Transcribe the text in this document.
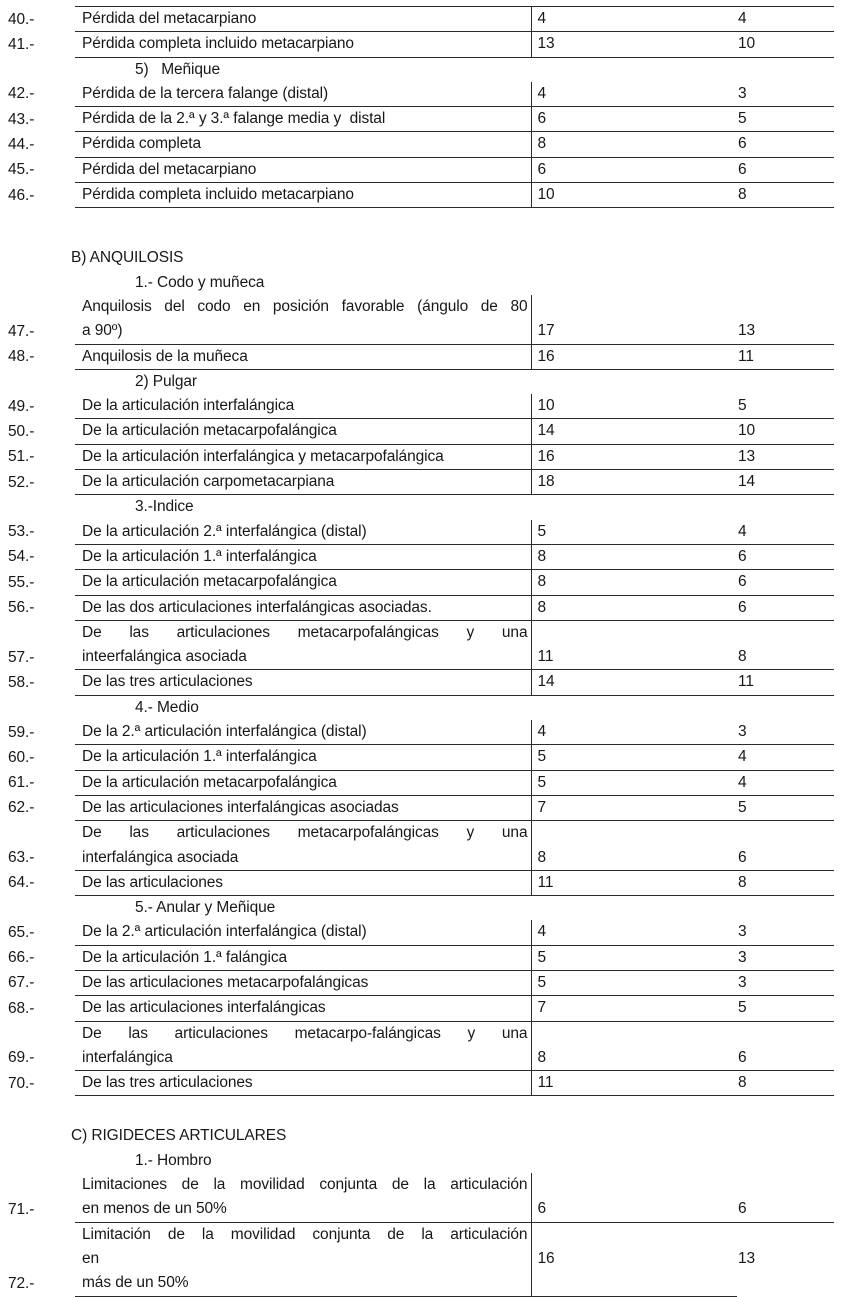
40.-	Pérdida del metacarpiano	4	4
41.-	Pérdida completa incluido metacarpiano	13	10
5)   Meñique			
42.-	Pérdida de la tercera falange (distal)	4	3
43.-	Pérdida de la 2.ª y 3.ª falange media y  distal	6	5
44.-	Pérdida completa	8	6
45.-	Pérdida del metacarpiano	6	6
46.-	Pérdida completa incluido metacarpiano	10	8

B) ANQUILOSIS			
1.- Codo y muñeca			
47.-	
Anquilosis del codo en posición favorable (ángulo de 80
a 90º)	17	13
48.-	Anquilosis de la muñeca	16	11
2) Pulgar			
49.-	De la articulación interfalángica	10	5
50.-	De la articulación metacarpofalángica	14	10
51.-	De la articulación interfalángica y metacarpofalángica	16	13
52.-	De la articulación carpometacarpiana	18	14
3.-Indice			
53.-	De la articulación 2.ª interfalángica (distal)	5	4
54.-	De la articulación 1.ª interfalángica	8	6
55.-	De la articulación metacarpofalángica	8	6
56.-	De las dos articulaciones interfalángicas asociadas.	8	6
57.-	
De las articulaciones metacarpofalángicas y una
inteerfalángica asociada	11	8
58.-	De las tres articulaciones	14	11
4.- Medio			
59.-	De la 2.ª articulación interfalángica (distal)	4	3
60.-	De la articulación 1.ª interfalángica	5	4
61.-	De la articulación metacarpofalángica	5	4
62.-	De las articulaciones interfalángicas asociadas	7	5
63.-	
De las articulaciones metacarpofalángicas y una
interfalángica asociada	8	6
64.-	De las articulaciones	11	8
5.- Anular y Meñique			
65.-	De la 2.ª articulación interfalángica (distal)	4	3
66.-	De la articulación 1.ª falángica	5	3
67.-	De las articulaciones metacarpofalángicas	5	3
68.-	De las articulaciones interfalángicas	7	5
69.-	
De las articulaciones metacarpo-falángicas y una
interfalángica	8	6
70.-	De las tres articulaciones	11	8

C) RIGIDECES ARTICULARES			
1.- Hombro			
71.-	
Limitaciones de la movilidad conjunta de la articulación
en menos de un 50%	6	6
72.-	
Limitación de la movilidad conjunta de la articulación
en
más de un 50%
	16	13
